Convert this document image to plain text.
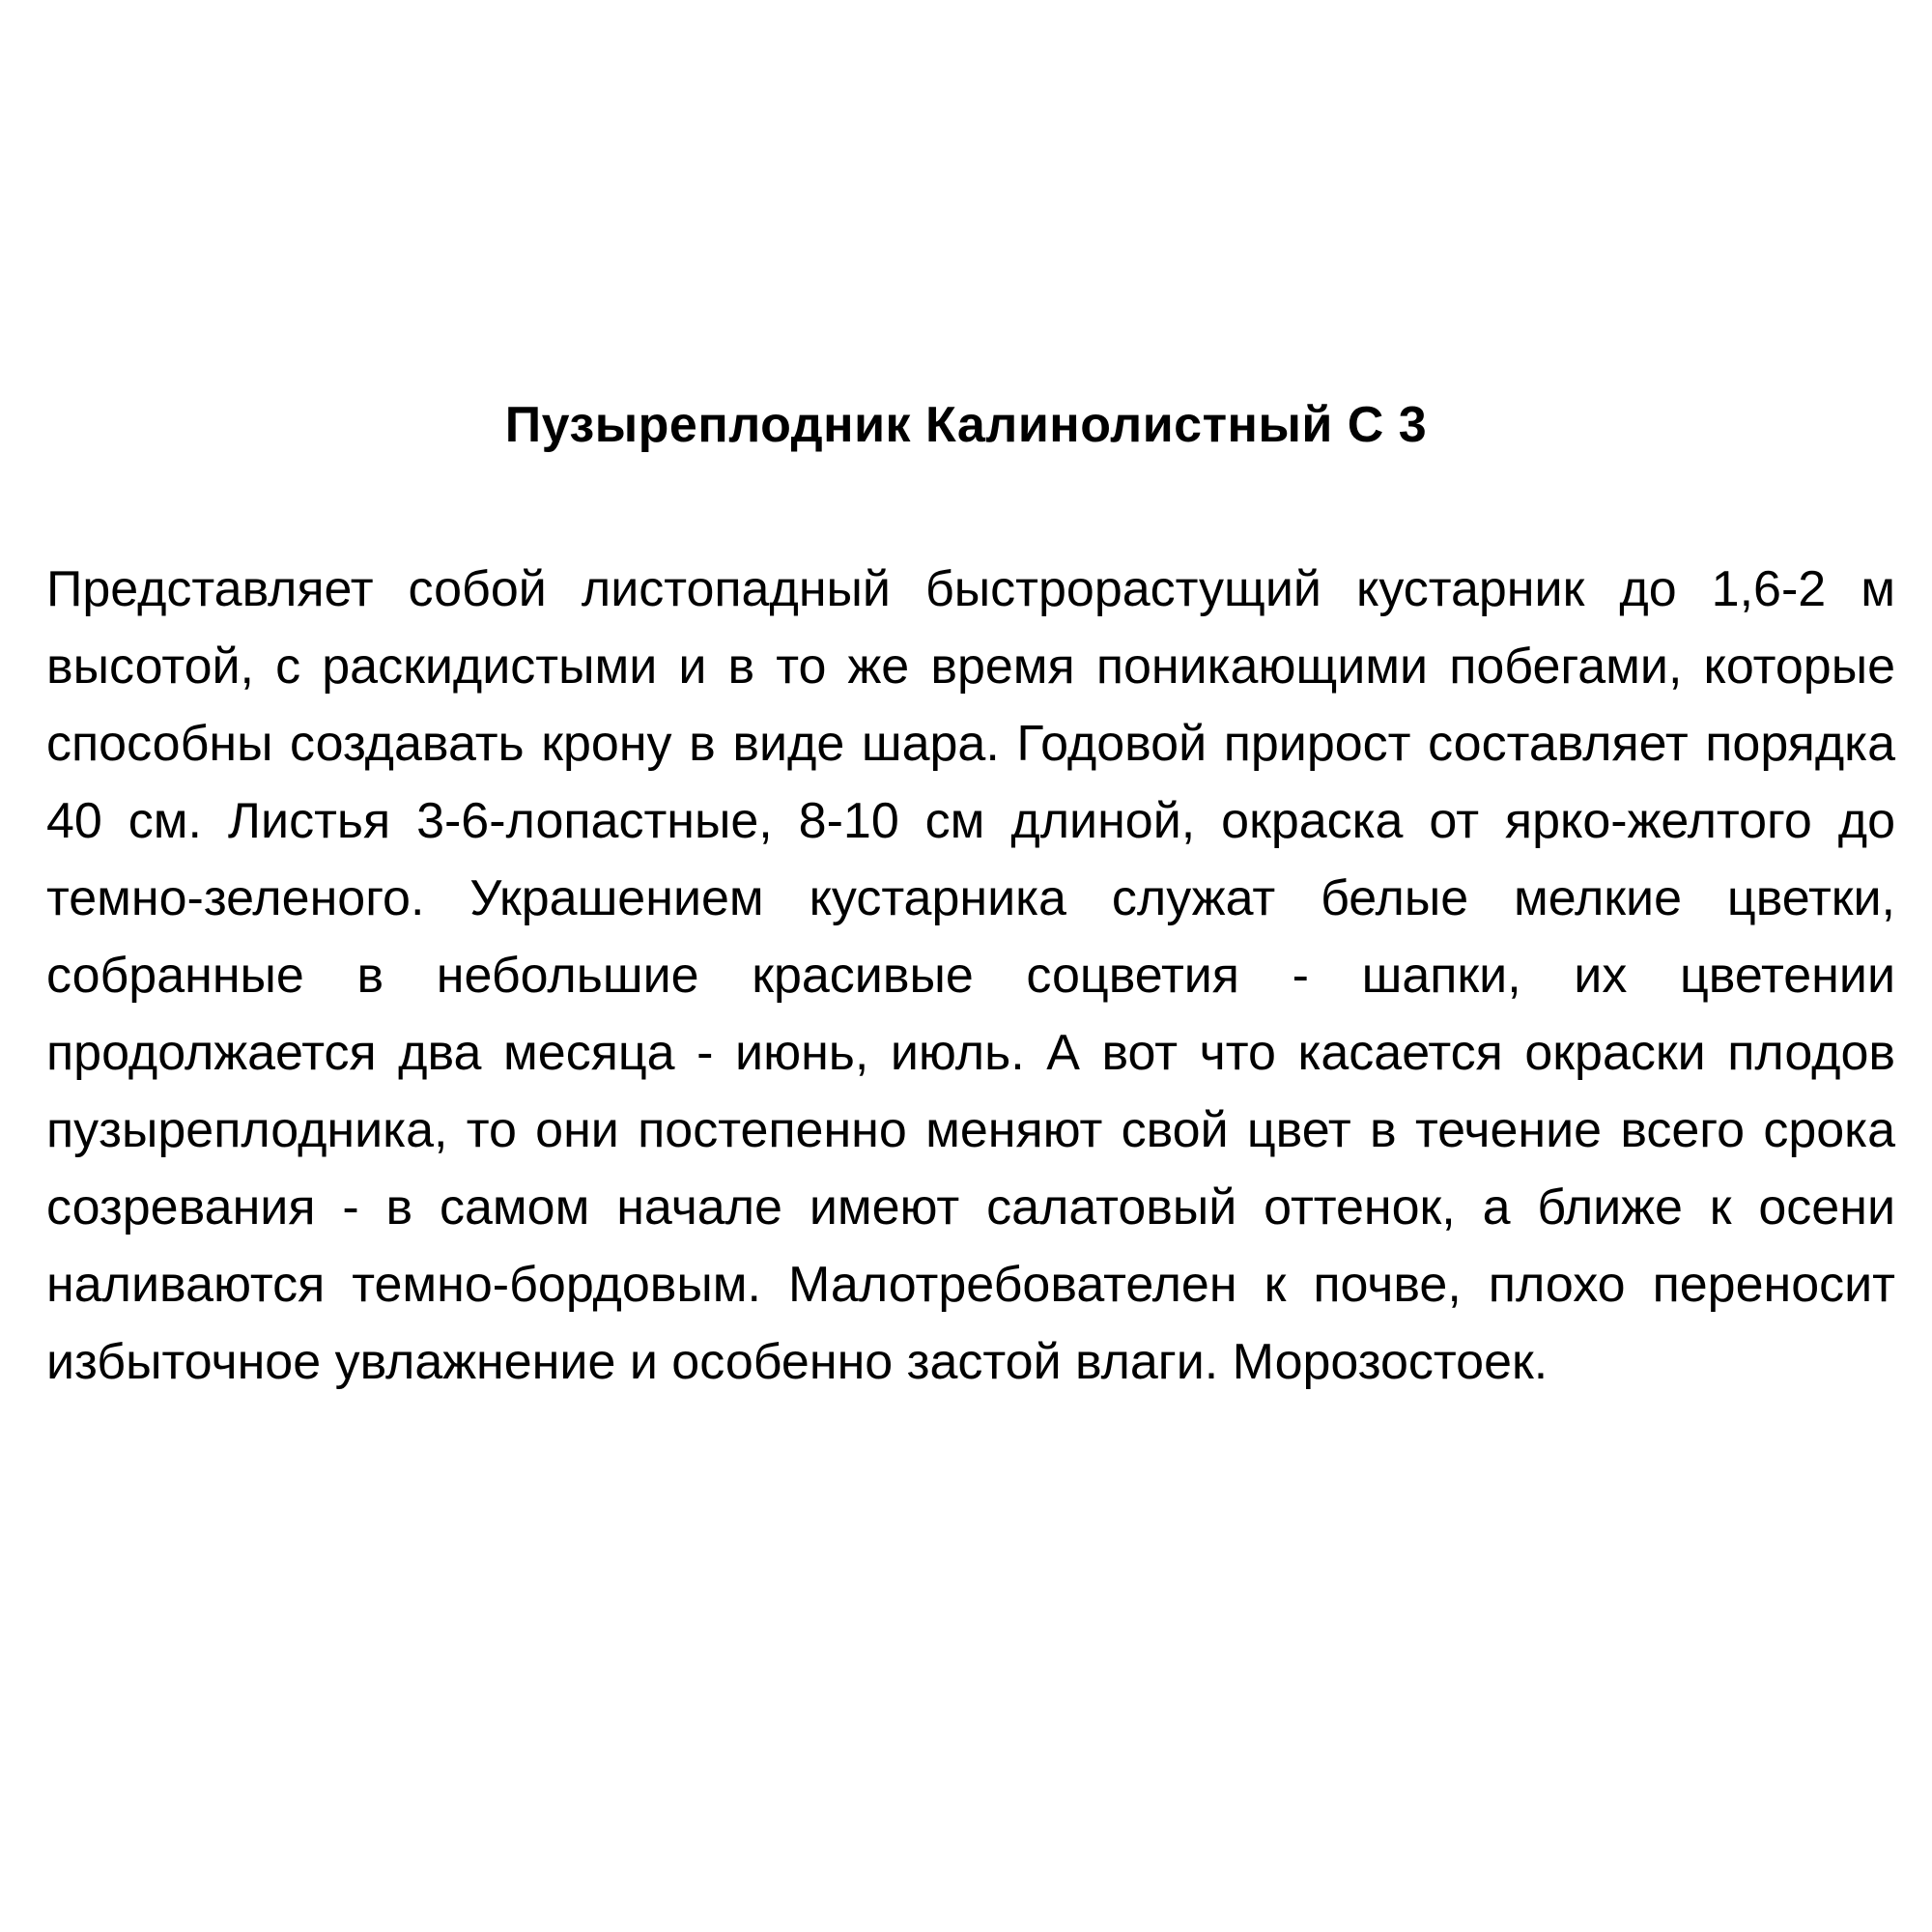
Пузыреплодник Калинолистный С 3
Представляет собой листопадный быстрорастущий кустарник до 1,6-2 м высотой, с раскидистыми и в то же время поникающими побегами, которые способны создавать крону в виде шара. Годовой прирост составляет порядка 40 см. Листья 3-6-лопастные, 8-10 см длиной, окраска от ярко-желтого до темно-зеленого. Украшением кустарника служат белые мелкие цветки, собранные в небольшие красивые соцветия - шапки, их цветении продолжается два месяца - июнь, июль. А вот что касается окраски плодов пузыреплодника, то они постепенно меняют свой цвет в течение всего срока созревания - в самом начале имеют салатовый оттенок, а ближе к осени наливаются темно-бордовым. Малотребователен к почве, плохо переносит избыточное увлажнение и особенно застой влаги. Морозостоек.
